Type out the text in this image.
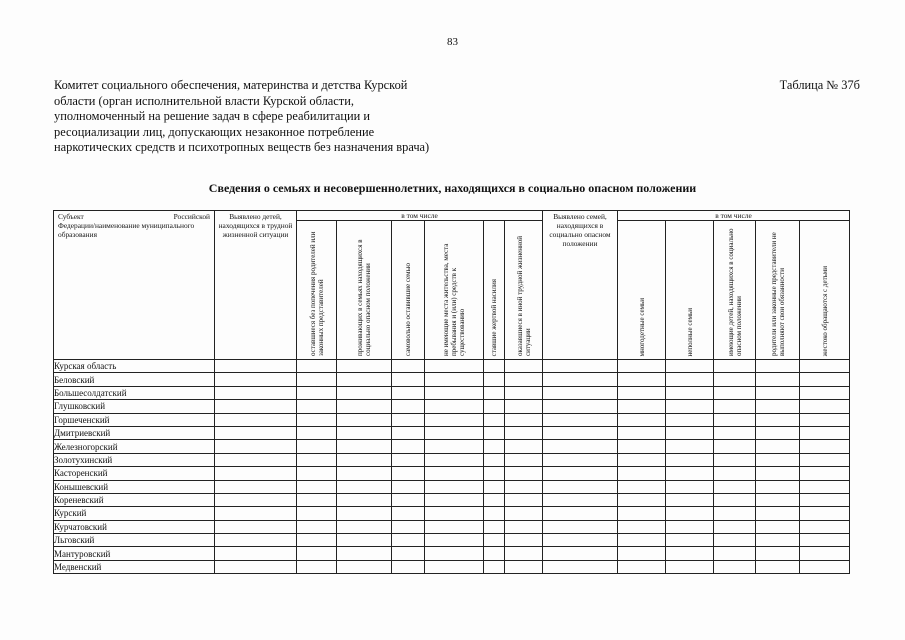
83
Комитет социального обеспечения, материнства и детства Курской
области (орган исполнительной власти Курской области,
уполномоченный на решение задач в сфере реабилитации и
ресоциализации лиц, допускающих незаконное потребление
наркотических средств и психотропных веществ без назначения врача)
Таблица № 37б
Сведения о семьях и несовершеннолетних, находящихся в социально опасном положении
Субъект Российской
Федерации/наименование муниципального образования	Выявлено детей, находящихся в трудной жизненной ситуации	в том числе						Выявлено семей, находящихся в социально опасном положении	в том числе				

		оставшиеся без попечения родителей или законных представителей	проживающих в семьях находящихся в социально опасном положении	самовольно оставившие семью	не имеющие места жительства, места пребывания и (или) средств к существованию	ставшие жертвой насилия	оказавшиеся в иной трудной жизненной ситуации		многодетные семьи	неполные семьи	имеющие детей, находящихся в социально опасном положении	родители или законные представители не выполняют свои обязанности	жестоко обращаются с детьми

Курская область													
Беловский													
Большесолдатский													
Глушковский													
Горшеченский													
Дмитриевский													
Железногорский													
Золотухинский													
Касторенский													
Конышевский													
Кореневский													
Курский													
Курчатовский													
Льговский													
Мантуровский													
Медвенский													
